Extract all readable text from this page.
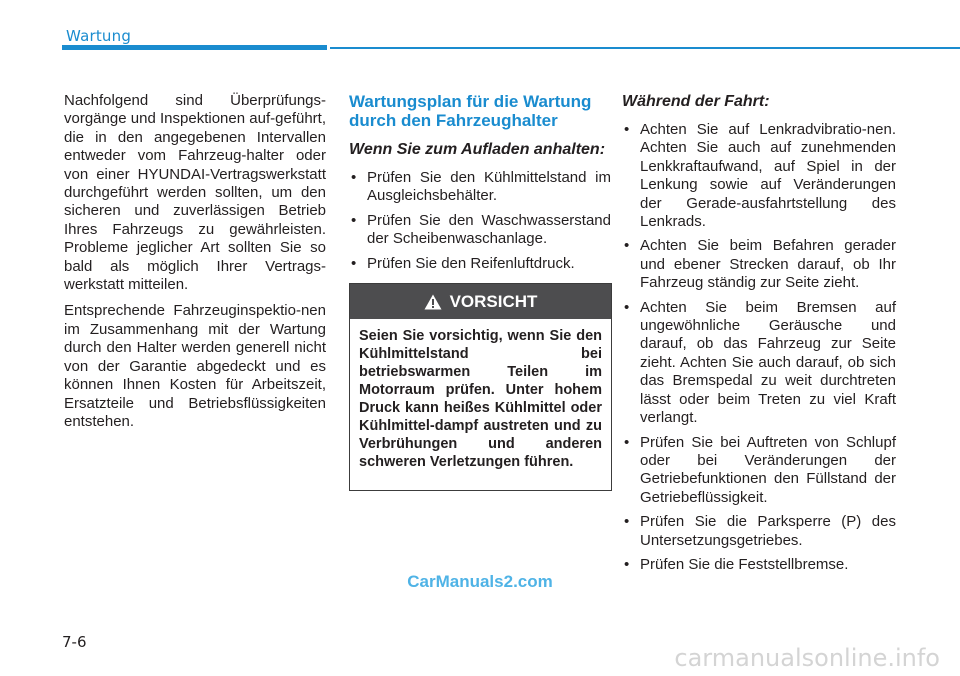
Wartung

Nachfolgend sind Überprüfungs-vorgänge und Inspektionen auf-geführt, die in den angegebenen Intervallen entweder vom Fahrzeug-halter oder von einer HYUNDAI-Vertragswerkstatt durchgeführt werden sollten, um den sicheren und zuverlässigen Betrieb Ihres Fahrzeugs zu gewährleisten. Probleme jeglicher Art sollten Sie so bald als möglich Ihrer Vertrags-werkstatt mitteilen.

Entsprechende Fahrzeuginspektio-nen im Zusammenhang mit der Wartung durch den Halter werden generell nicht von der Garantie abgedeckt und es können Ihnen Kosten für Arbeitszeit, Ersatzteile und Betriebsflüssigkeiten entstehen.

Wartungsplan für die Wartung durch den Fahrzeughalter
Wenn Sie zum Aufladen anhalten:
• Prüfen Sie den Kühlmittelstand im Ausgleichsbehälter.
• Prüfen Sie den Waschwasserstand der Scheibenwaschanlage.
• Prüfen Sie den Reifenluftdruck.
VORSICHT
Seien Sie vorsichtig, wenn Sie den Kühlmittelstand bei betriebswarmen Teilen im Motorraum prüfen. Unter hohem Druck kann heißes Kühlmittel oder Kühlmittel-dampf austreten und zu Verbrühungen und anderen schweren Verletzungen führen.
Während der Fahrt:
• Achten Sie auf Lenkradvibratio-nen. Achten Sie auch auf zunehmenden Lenkkraftaufwand, auf Spiel in der Lenkung sowie auf Veränderungen der Gerade-ausfahrtstellung des Lenkrads.
• Achten Sie beim Befahren gerader und ebener Strecken darauf, ob Ihr Fahrzeug ständig zur Seite zieht.
• Achten Sie beim Bremsen auf ungewöhnliche Geräusche und darauf, ob das Fahrzeug zur Seite zieht. Achten Sie auch darauf, ob sich das Bremspedal zu weit durchtreten lässt oder beim Treten zu viel Kraft verlangt.
• Prüfen Sie bei Auftreten von Schlupf oder bei Veränderungen der Getriebefunktionen den Füllstand der Getriebeflüssigkeit.
• Prüfen Sie die Parksperre (P) des Untersetzungsgetriebes.
• Prüfen Sie die Feststellbremse.
CarManuals2.com
7-6
carmanualsonline.info
